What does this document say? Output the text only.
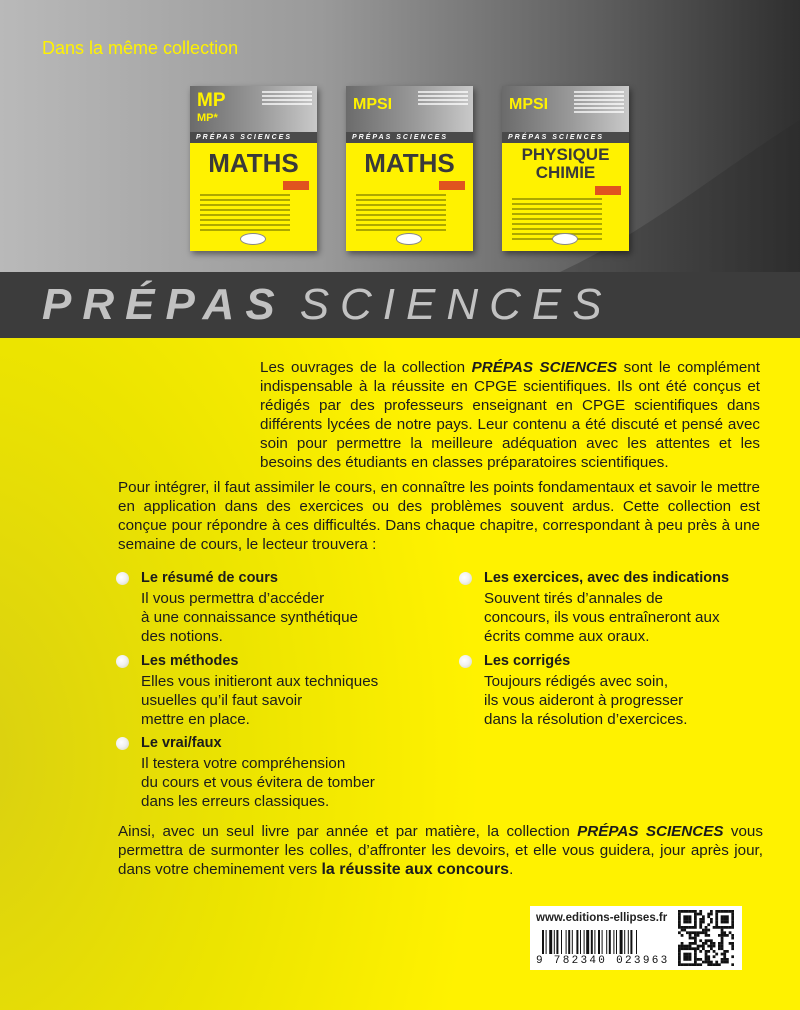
Dans la même collection
MP
MP*
PRÉPAS SCIENCES
MATHS
MPSI
PRÉPAS SCIENCES
MATHS
MPSI
PRÉPAS SCIENCES
PHYSIQUE
CHIMIE
PRÉPAS SCIENCES
Les ouvrages de la collection PRÉPAS SCIENCES sont le complément indispensable à la réussite en CPGE scientifiques. Ils ont été conçus et rédigés par des professeurs enseignant en CPGE scientifiques dans différents lycées de notre pays. Leur contenu a été discuté et pensé avec soin pour permettre la meilleure adéquation avec les attentes et les besoins des étudiants en classes préparatoires scientifiques.
Pour intégrer, il faut assimiler le cours, en connaître les points fondamentaux et savoir le mettre en application dans des exercices ou des problèmes souvent ardus. Cette collection est conçue pour répondre à ces difficultés. Dans chaque chapitre, correspondant à peu près à une semaine de cours, le lecteur trouvera :
Le résumé de cours
Il vous permettra d’accéder
à une connaissance synthétique
des notions.
Les méthodes
Elles vous initieront aux techniques
usuelles qu’il faut savoir
mettre en place.
Le vrai/faux
Il testera votre compréhension
du cours et vous évitera de tomber
dans les erreurs classiques.
Les exercices, avec des indications
Souvent tirés d’annales de
concours, ils vous entraîneront aux
écrits comme aux oraux.
Les corrigés
Toujours rédigés avec soin,
ils vous aideront à progresser
dans la résolution d’exercices.
Ainsi, avec un seul livre par année et par matière, la collection PRÉPAS SCIENCES vous permettra de surmonter les colles, d’affronter les devoirs, et elle vous guidera, jour après jour, dans votre cheminement vers la réussite aux concours.
www.editions-ellipses.fr
9 782340 023963
